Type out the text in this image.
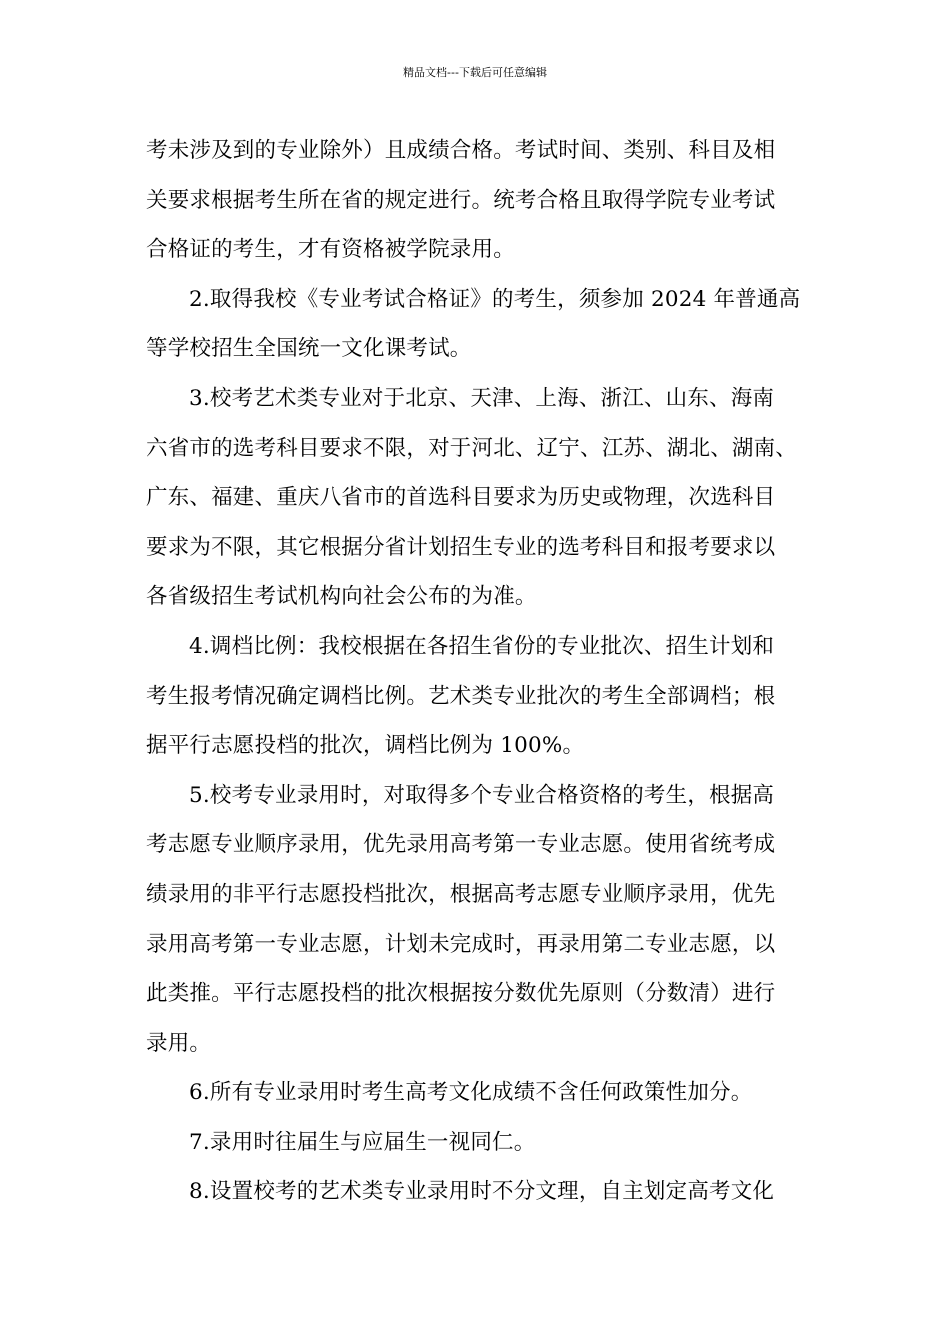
精品文档---下载后可任意编辑
考未涉及到的专业除外）且成绩合格。考试时间、类别、科目及相
关要求根据考生所在省的规定进行。统考合格且取得学院专业考试
合格证的考生，才有资格被学院录用。
2.取得我校《专业考试合格证》的考生，须参加 2024 年普通高
等学校招生全国统一文化课考试。
3.校考艺术类专业对于北京、天津、上海、浙江、山东、海南
六省市的选考科目要求不限，对于河北、辽宁、江苏、湖北、湖南、
广东、福建、重庆八省市的首选科目要求为历史或物理，次选科目
要求为不限，其它根据分省计划招生专业的选考科目和报考要求以
各省级招生考试机构向社会公布的为准。
4.调档比例：我校根据在各招生省份的专业批次、招生计划和
考生报考情况确定调档比例。艺术类专业批次的考生全部调档；根
据平行志愿投档的批次，调档比例为 100%。
5.校考专业录用时，对取得多个专业合格资格的考生，根据高
考志愿专业顺序录用，优先录用高考第一专业志愿。使用省统考成
绩录用的非平行志愿投档批次，根据高考志愿专业顺序录用，优先
录用高考第一专业志愿，计划未完成时，再录用第二专业志愿，以
此类推。平行志愿投档的批次根据按分数优先原则（分数清）进行
录用。
6.所有专业录用时考生高考文化成绩不含任何政策性加分。
7.录用时往届生与应届生一视同仁。
8.设置校考的艺术类专业录用时不分文理，自主划定高考文化
